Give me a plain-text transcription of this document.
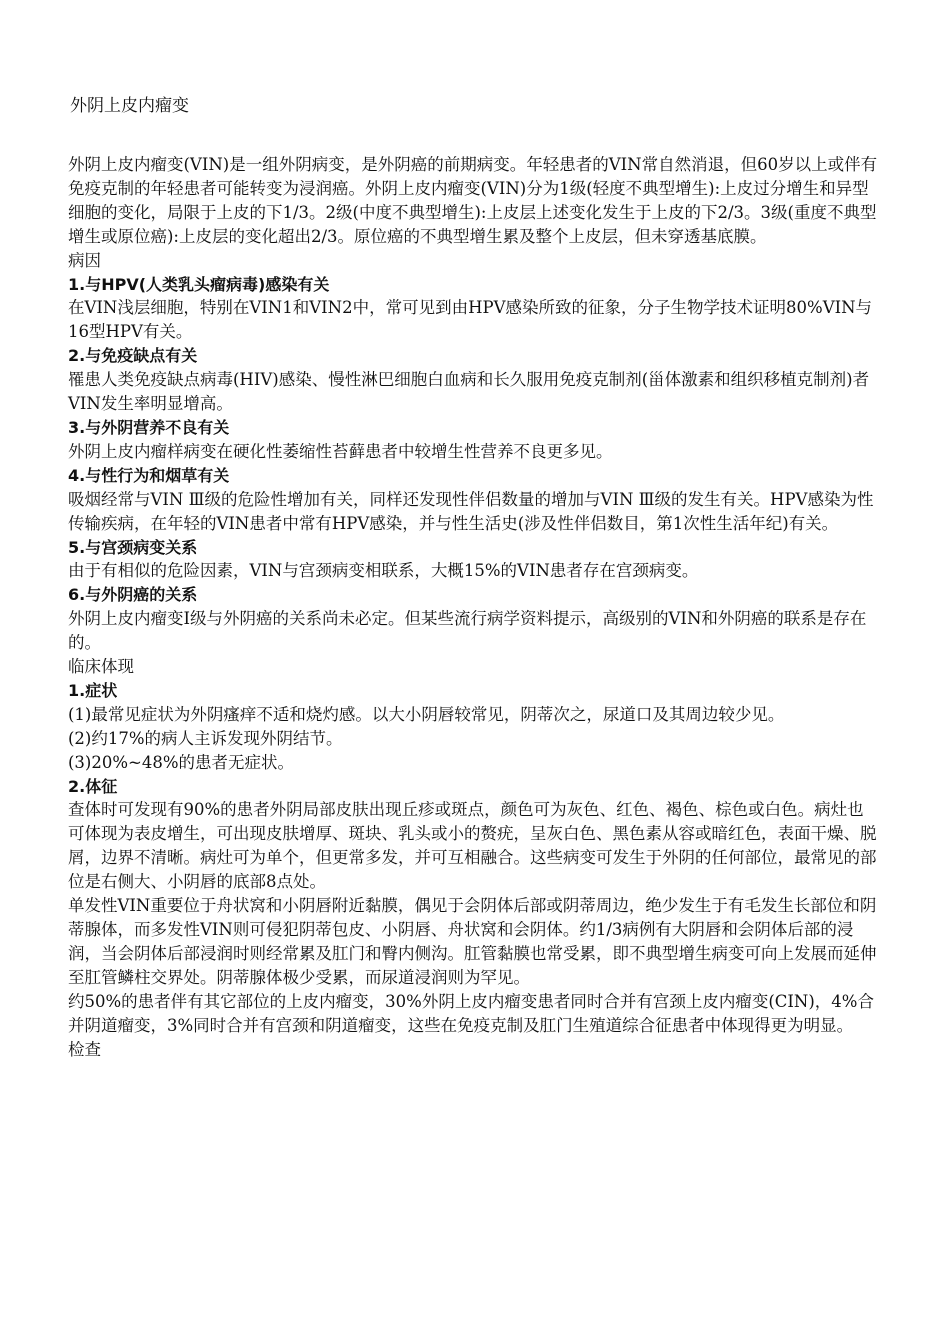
外阴上皮内瘤变

外阴上皮内瘤变(VIN)是一组外阴病变，是外阴癌的前期病变。年轻患者的VIN常自然消退，但60岁以上或伴有免疫克制的年轻患者可能转变为浸润癌。外阴上皮内瘤变(VIN)分为1级(轻度不典型增生):上皮过分增生和异型细胞的变化，局限于上皮的下1/3。2级(中度不典型增生):上皮层上述变化发生于上皮的下2/3。3级(重度不典型增生或原位癌):上皮层的变化超出2/3。原位癌的不典型增生累及整个上皮层，但未穿透基底膜。

病因

1.与HPV(人类乳头瘤病毒)感染有关

在VIN浅层细胞，特别在VIN1和VIN2中，常可见到由HPV感染所致的征象，分子生物学技术证明80%VIN与16型HPV有关。

2.与免疫缺点有关

罹患人类免疫缺点病毒(HIV)感染、慢性淋巴细胞白血病和长久服用免疫克制剂(甾体激素和组织移植克制剂)者VIN发生率明显增高。

3.与外阴营养不良有关

外阴上皮内瘤样病变在硬化性萎缩性苔藓患者中较增生性营养不良更多见。

4.与性行为和烟草有关

吸烟经常与VIN Ⅲ级的危险性增加有关，同样还发现性伴侣数量的增加与VIN Ⅲ级的发生有关。HPV感染为性传输疾病，在年轻的VIN患者中常有HPV感染，并与性生活史(涉及性伴侣数目，第1次性生活年纪)有关。

5.与宫颈病变关系

由于有相似的危险因素，VIN与宫颈病变相联系，大概15%的VIN患者存在宫颈病变。

6.与外阴癌的关系

外阴上皮内瘤变Ⅰ级与外阴癌的关系尚未必定。但某些流行病学资料提示，高级别的VIN和外阴癌的联系是存在的。

临床体现

1.症状

(1)最常见症状为外阴瘙痒不适和烧灼感。以大小阴唇较常见，阴蒂次之，尿道口及其周边较少见。

(2)约17%的病人主诉发现外阴结节。

(3)20%~48%的患者无症状。

2.体征

查体时可发现有90%的患者外阴局部皮肤出现丘疹或斑点，颜色可为灰色、红色、褐色、棕色或白色。病灶也可体现为表皮增生，可出现皮肤增厚、斑块、乳头或小的赘疣，呈灰白色、黑色素从容或暗红色，表面干燥、脱屑，边界不清晰。病灶可为单个，但更常多发，并可互相融合。这些病变可发生于外阴的任何部位，最常见的部位是右侧大、小阴唇的底部8点处。

单发性VIN重要位于舟状窝和小阴唇附近黏膜，偶见于会阴体后部或阴蒂周边，绝少发生于有毛发生长部位和阴蒂腺体，而多发性VIN则可侵犯阴蒂包皮、小阴唇、舟状窝和会阴体。约1/3病例有大阴唇和会阴体后部的浸润，当会阴体后部浸润时则经常累及肛门和臀内侧沟。肛管黏膜也常受累，即不典型增生病变可向上发展而延伸至肛管鳞柱交界处。阴蒂腺体极少受累，而尿道浸润则为罕见。

约50%的患者伴有其它部位的上皮内瘤变，30%外阴上皮内瘤变患者同时合并有宫颈上皮内瘤变(CIN)，4%合并阴道瘤变，3%同时合并有宫颈和阴道瘤变，这些在免疫克制及肛门生殖道综合征患者中体现得更为明显。

检查
